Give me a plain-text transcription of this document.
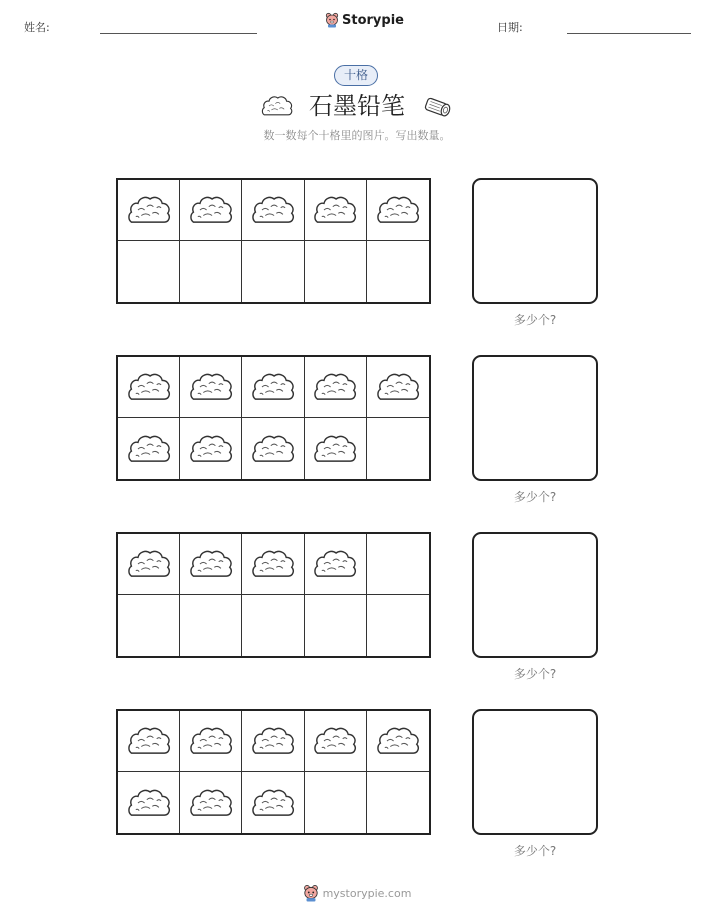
姓名:	Storypie	日期:
十格
石墨铅笔
数一数每个十格里的图片。写出数量。
多少个?
多少个?
多少个?
多少个?
mystorypie.com
